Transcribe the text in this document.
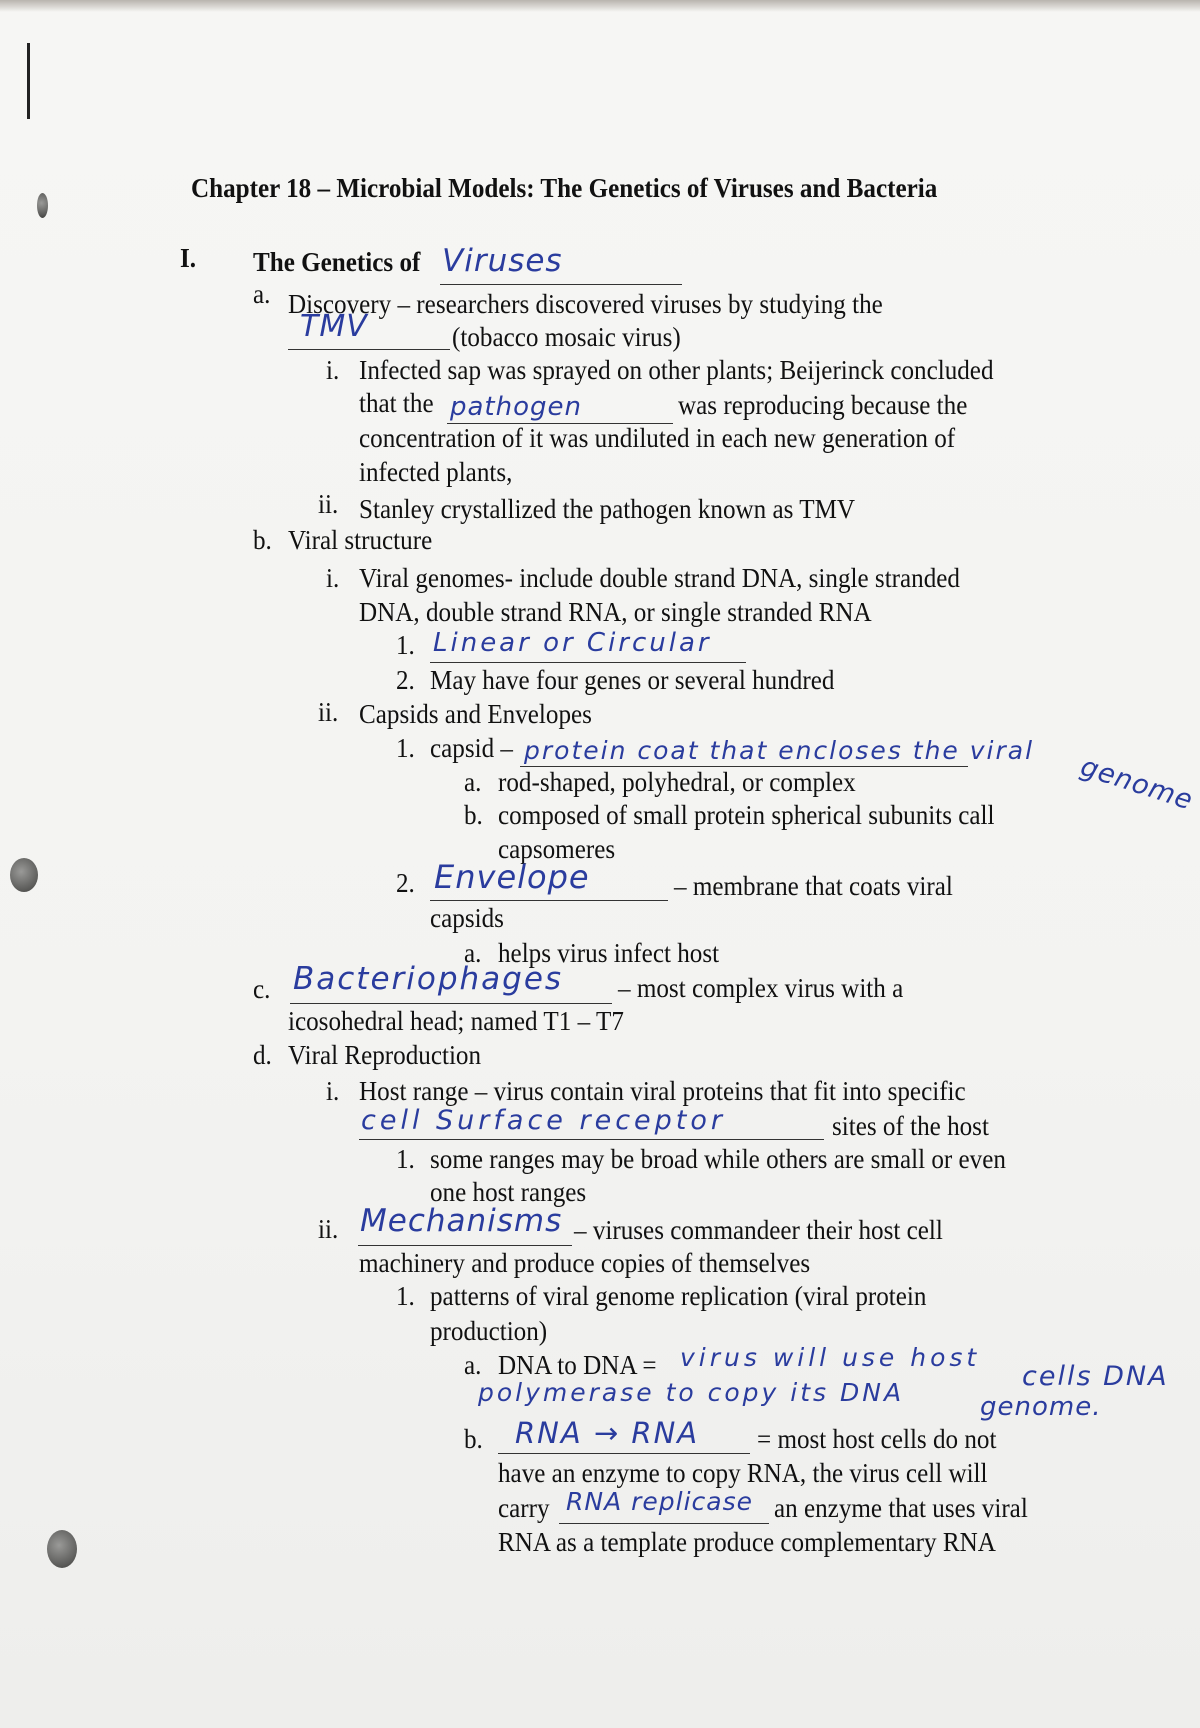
Chapter 18 – Microbial Models: The Genetics of Viruses and Bacteria
I. The Genetics of Viruses
a. Discovery – researchers discovered viruses by studying the
TMV	(tobacco mosaic virus)
i. Infected sap was sprayed on other plants; Beijerinck concluded
that the pathogen	was reproducing because the
concentration of it was undiluted in each new generation of
infected plants,
ii. Stanley crystallized the pathogen known as TMV
b. Viral structure
i. Viral genomes- include double strand DNA, single stranded
DNA, double strand RNA, or single stranded RNA
1. Linear or Circular
2. May have four genes or several hundred
ii. Capsids and Envelopes
1. capsid – protein coat that encloses the viral
genome
a. rod-shaped, polyhedral, or complex
b. composed of small protein spherical subunits call
capsomeres
2. Envelope	– membrane that coats viral
capsids
a. helps virus infect host
c. Bacteriophages – most complex virus with a
icosohedral head; named T1 – T7
d. Viral Reproduction
i. Host range – virus contain viral proteins that fit into specific
cell Surface receptor	sites of the host
1. some ranges may be broad while others are small or even
one host ranges
ii. Mechanisms – viruses commandeer their host cell
machinery and produce copies of themselves
1. patterns of viral genome replication (viral protein
production)
a. DNA to DNA = virus will use host
cells DNA
polymerase to copy its DNA	genome.
b. RNA → RNA = most host cells do not
have an enzyme to copy RNA, the virus cell will
carry RNA replicase an enzyme that uses viral
RNA as a template produce complementary RNA
